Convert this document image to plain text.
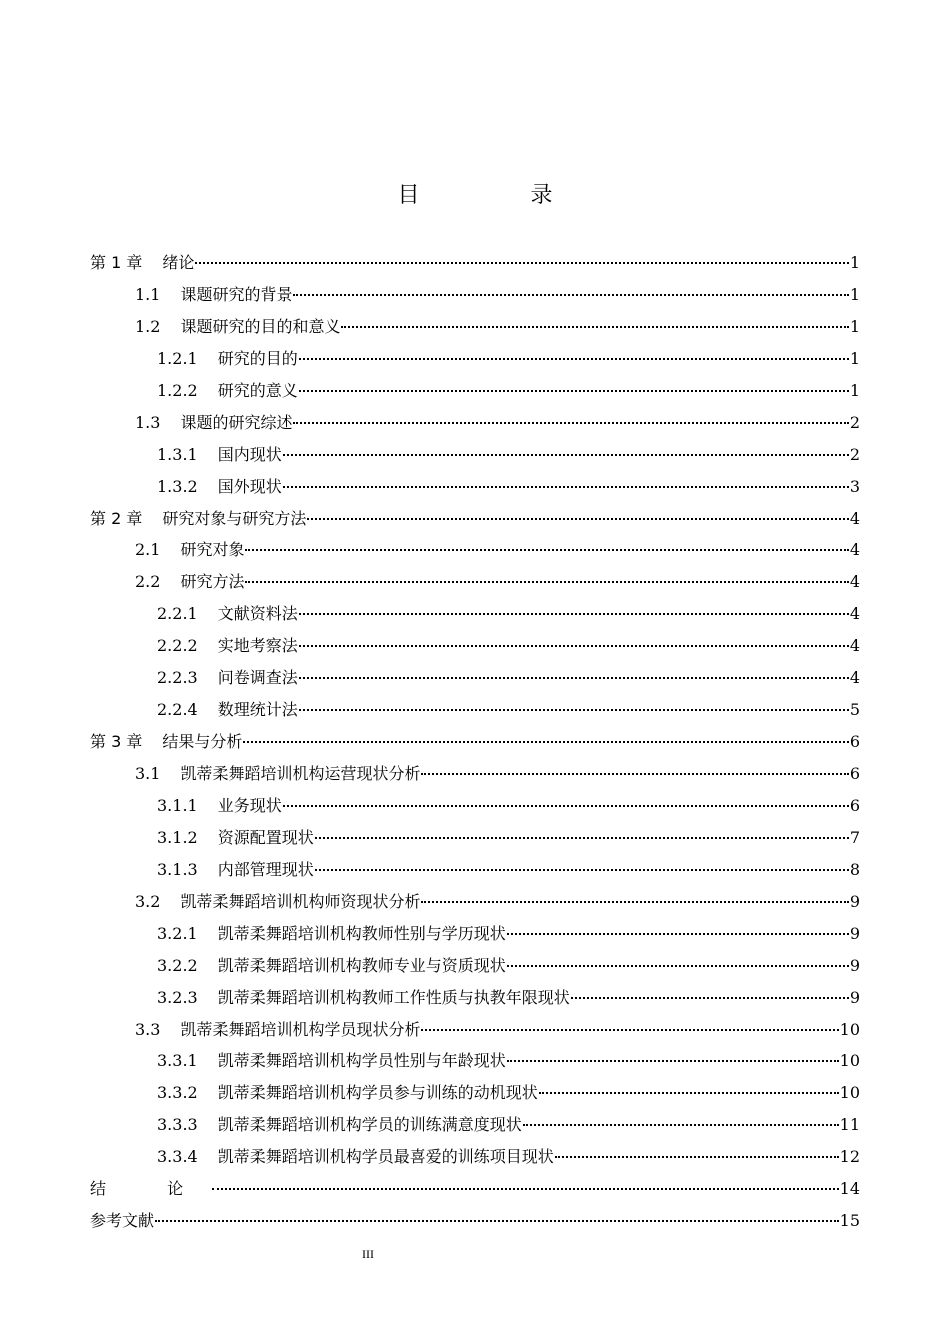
目 录
第 1 章 绪论	1
1.1 课题研究的背景	1
1.2 课题研究的目的和意义	1
1.2.1 研究的目的	1
1.2.2 研究的意义	1
1.3 课题的研究综述	2
1.3.1 国内现状	2
1.3.2 国外现状	3
第 2 章 研究对象与研究方法	4
2.1 研究对象	4
2.2 研究方法	4
2.2.1 文献资料法	4
2.2.2 实地考察法	4
2.2.3 问卷调查法	4
2.2.4 数理统计法	5
第 3 章 结果与分析	6
3.1 凯蒂柔舞蹈培训机构运营现状分析	6
3.1.1 业务现状	6
3.1.2 资源配置现状	7
3.1.3 内部管理现状	8
3.2 凯蒂柔舞蹈培训机构师资现状分析	9
3.2.1 凯蒂柔舞蹈培训机构教师性别与学历现状	9
3.2.2 凯蒂柔舞蹈培训机构教师专业与资质现状	9
3.2.3 凯蒂柔舞蹈培训机构教师工作性质与执教年限现状	9
3.3 凯蒂柔舞蹈培训机构学员现状分析	10
3.3.1 凯蒂柔舞蹈培训机构学员性别与年龄现状	10
3.3.2 凯蒂柔舞蹈培训机构学员参与训练的动机现状	10
3.3.3 凯蒂柔舞蹈培训机构学员的训练满意度现状	11
3.3.4 凯蒂柔舞蹈培训机构学员最喜爱的训练项目现状	12
结 论	14
参考文献	15
III
